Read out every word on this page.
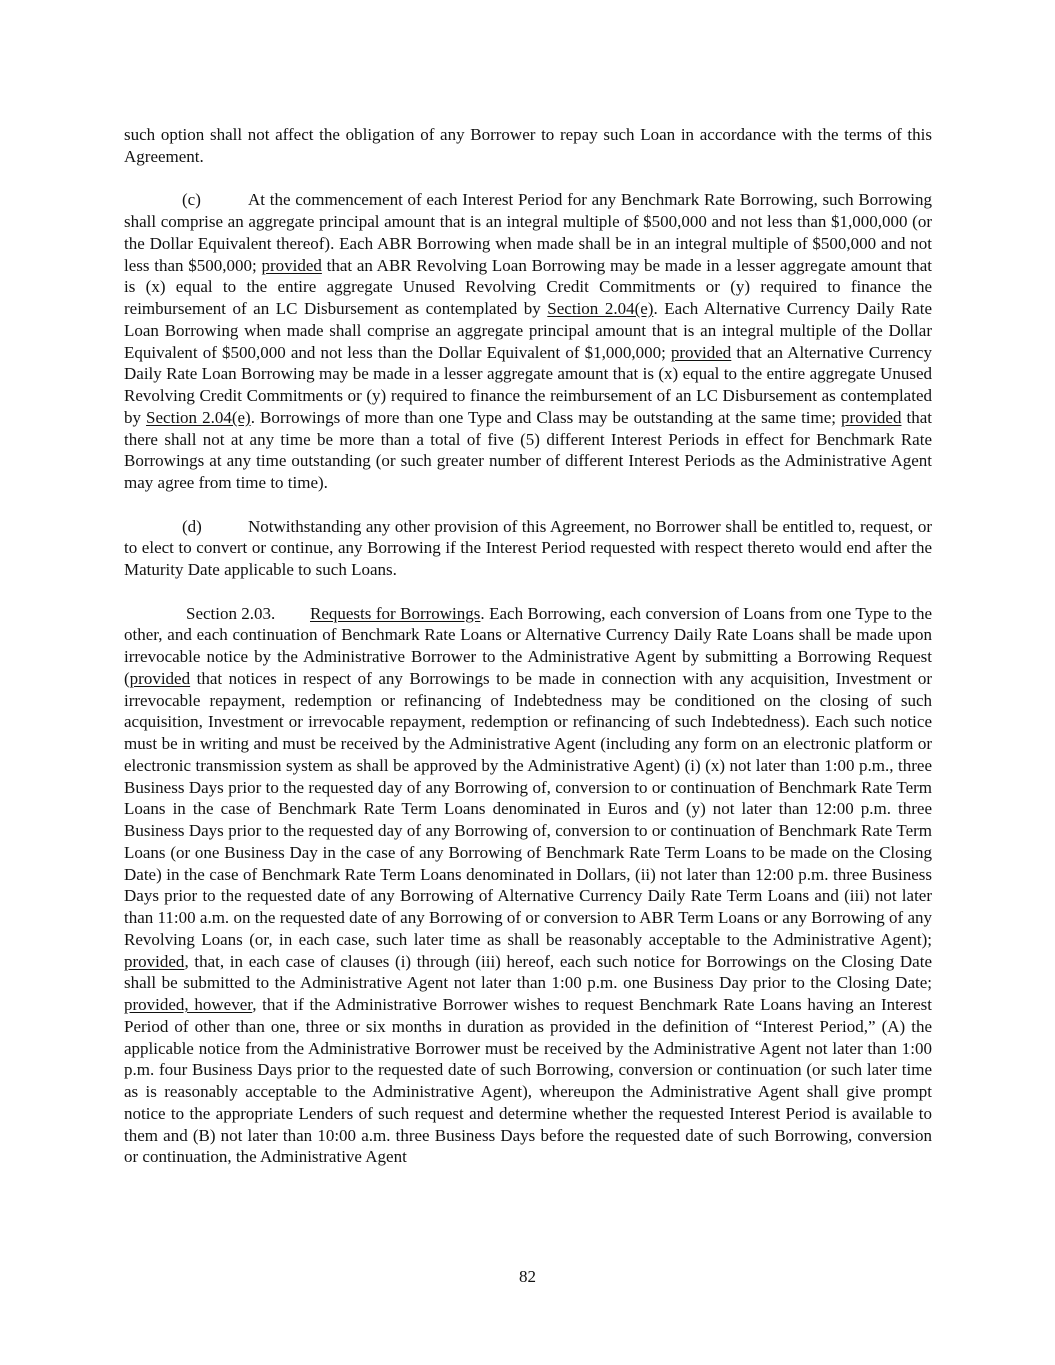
such option shall not affect the obligation of any Borrower to repay such Loan in accordance with the terms of this Agreement.

(c)	At the commencement of each Interest Period for any Benchmark Rate Borrowing, such Borrowing shall comprise an aggregate principal amount that is an integral multiple of $500,000 and not less than $1,000,000 (or the Dollar Equivalent thereof). Each ABR Borrowing when made shall be in an integral multiple of $500,000 and not less than $500,000; provided that an ABR Revolving Loan Borrowing may be made in a lesser aggregate amount that is (x) equal to the entire aggregate Unused Revolving Credit Commitments or (y) required to finance the reimbursement of an LC Disbursement as contemplated by Section 2.04(e). Each Alternative Currency Daily Rate Loan Borrowing when made shall comprise an aggregate principal amount that is an integral multiple of the Dollar Equivalent of $500,000 and not less than the Dollar Equivalent of $1,000,000; provided that an Alternative Currency Daily Rate Loan Borrowing may be made in a lesser aggregate amount that is (x) equal to the entire aggregate Unused Revolving Credit Commitments or (y) required to finance the reimbursement of an LC Disbursement as contemplated by Section 2.04(e). Borrowings of more than one Type and Class may be outstanding at the same time; provided that there shall not at any time be more than a total of five (5) different Interest Periods in effect for Benchmark Rate Borrowings at any time outstanding (or such greater number of different Interest Periods as the Administrative Agent may agree from time to time).

(d)	Notwithstanding any other provision of this Agreement, no Borrower shall be entitled to, request, or to elect to convert or continue, any Borrowing if the Interest Period requested with respect thereto would end after the Maturity Date applicable to such Loans.

Section 2.03. Requests for Borrowings. Each Borrowing, each conversion of Loans from one Type to the other, and each continuation of Benchmark Rate Loans or Alternative Currency Daily Rate Loans shall be made upon irrevocable notice by the Administrative Borrower to the Administrative Agent by submitting a Borrowing Request (provided that notices in respect of any Borrowings to be made in connection with any acquisition, Investment or irrevocable repayment, redemption or refinancing of Indebtedness may be conditioned on the closing of such acquisition, Investment or irrevocable repayment, redemption or refinancing of such Indebtedness). Each such notice must be in writing and must be received by the Administrative Agent (including any form on an electronic platform or electronic transmission system as shall be approved by the Administrative Agent) (i) (x) not later than 1:00 p.m., three Business Days prior to the requested day of any Borrowing of, conversion to or continuation of Benchmark Rate Term Loans in the case of Benchmark Rate Term Loans denominated in Euros and (y) not later than 12:00 p.m. three Business Days prior to the requested day of any Borrowing of, conversion to or continuation of Benchmark Rate Term Loans (or one Business Day in the case of any Borrowing of Benchmark Rate Term Loans to be made on the Closing Date) in the case of Benchmark Rate Term Loans denominated in Dollars, (ii) not later than 12:00 p.m. three Business Days prior to the requested date of any Borrowing of Alternative Currency Daily Rate Term Loans and (iii) not later than 11:00 a.m. on the requested date of any Borrowing of or conversion to ABR Term Loans or any Borrowing of any Revolving Loans (or, in each case, such later time as shall be reasonably acceptable to the Administrative Agent); provided, that, in each case of clauses (i) through (iii) hereof, each such notice for Borrowings on the Closing Date shall be submitted to the Administrative Agent not later than 1:00 p.m. one Business Day prior to the Closing Date; provided, however, that if the Administrative Borrower wishes to request Benchmark Rate Loans having an Interest Period of other than one, three or six months in duration as provided in the definition of “Interest Period,” (A) the applicable notice from the Administrative Borrower must be received by the Administrative Agent not later than 1:00 p.m. four Business Days prior to the requested date of such Borrowing, conversion or continuation (or such later time as is reasonably acceptable to the Administrative Agent), whereupon the Administrative Agent shall give prompt notice to the appropriate Lenders of such request and determine whether the requested Interest Period is available to them and (B) not later than 10:00 a.m. three Business Days before the requested date of such Borrowing, conversion or continuation, the Administrative Agent

82
